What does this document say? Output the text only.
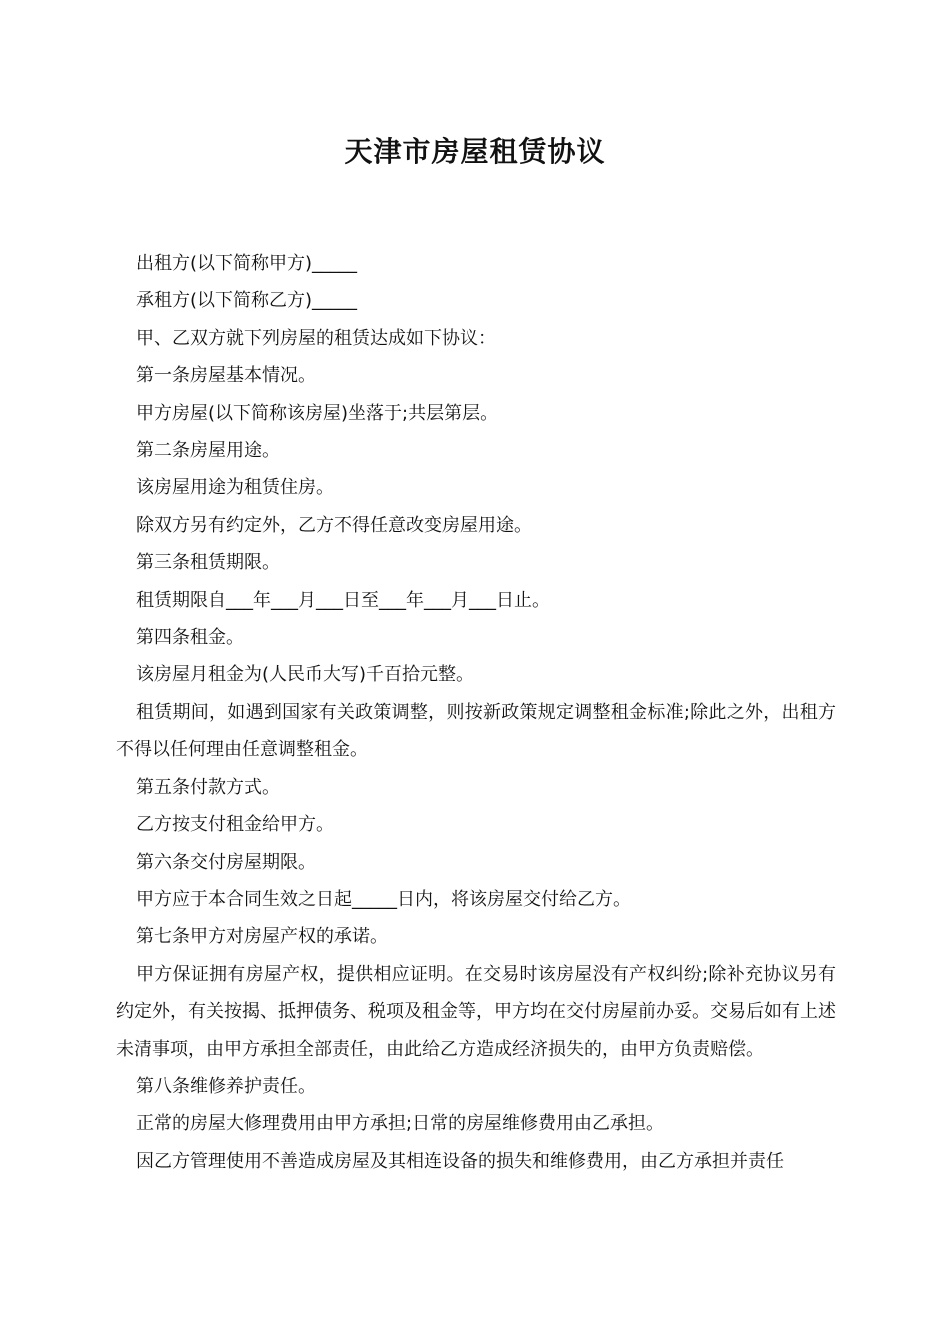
天津市房屋租赁协议

出租方(以下简称甲方)_____

承租方(以下简称乙方)_____

甲、乙双方就下列房屋的租赁达成如下协议：

第一条房屋基本情况。

甲方房屋(以下简称该房屋)坐落于;共层第层。

第二条房屋用途。

该房屋用途为租赁住房。

除双方另有约定外，乙方不得任意改变房屋用途。

第三条租赁期限。

租赁期限自___年___月___日至___年___月___日止。

第四条租金。

该房屋月租金为(人民币大写)千百拾元整。

租赁期间，如遇到国家有关政策调整，则按新政策规定调整租金标准;除此之外，出租方不得以任何理由任意调整租金。

第五条付款方式。

乙方按支付租金给甲方。

第六条交付房屋期限。

甲方应于本合同生效之日起_____日内，将该房屋交付给乙方。

第七条甲方对房屋产权的承诺。

甲方保证拥有房屋产权，提供相应证明。在交易时该房屋没有产权纠纷;除补充协议另有约定外，有关按揭、抵押债务、税项及租金等，甲方均在交付房屋前办妥。交易后如有上述未清事项，由甲方承担全部责任，由此给乙方造成经济损失的，由甲方负责赔偿。

第八条维修养护责任。

正常的房屋大修理费用由甲方承担;日常的房屋维修费用由乙承担。

因乙方管理使用不善造成房屋及其相连设备的损失和维修费用，由乙方承担并责任
